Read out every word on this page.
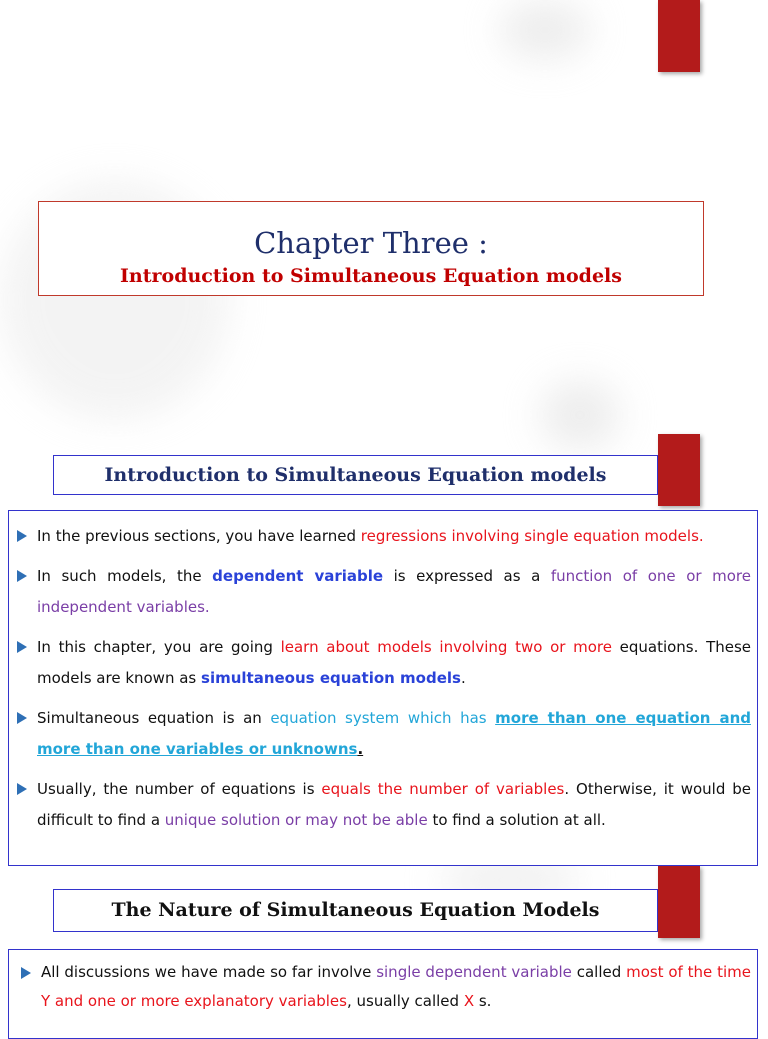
Chapter Three :
Introduction to Simultaneous Equation models
Introduction to Simultaneous Equation models
In the previous sections, you have learned regressions involving single equation models.
In such models, the dependent variable is expressed as a function of one or more independent variables.
In this chapter, you are going learn about models involving two or more equations. These models are known as simultaneous equation models.
Simultaneous equation is an equation system which has more than one equation and more than one variables or unknowns.
Usually, the number of equations is equals the number of variables. Otherwise, it would be difficult to find a unique solution or may not be able to find a solution at all.
The Nature of Simultaneous Equation Models
All discussions we have made so far involve single dependent variable called most of the time Y and one or more explanatory variables, usually called X s.
